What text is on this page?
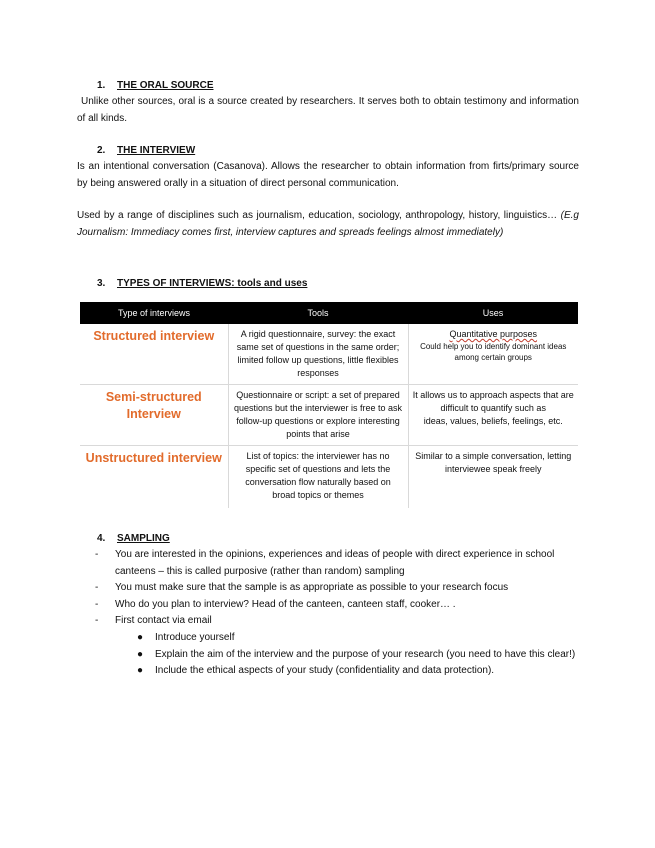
1. THE ORAL SOURCE
Unlike other sources, oral is a source created by researchers. It serves both to obtain testimony and information of all kinds.
2. THE INTERVIEW
Is an intentional conversation (Casanova). Allows the researcher to obtain information from firts/primary source by being answered orally in a situation of direct personal communication.
Used by a range of disciplines such as journalism, education, sociology, anthropology, history, linguistics… (E.g Journalism: Immediacy comes first, interview captures and spreads feelings almost immediately)
3. TYPES OF INTERVIEWS: tools and uses
Type of interviews	Tools	Uses
Structured interview	A rigid questionnaire, survey: the exact same set of questions in the same order; limited follow up questions, little flexibles responses	Quantitative purposes
Could help you to identify dominant ideas among certain groups

Semi-structured Interview	Questionnaire or script: a set of prepared questions but the interviewer is free to ask follow-up questions or explore interesting points that arise	It allows us to approach aspects that are difficult to quantify such as
ideas, values, beliefs, feelings, etc.

Unstructured interview	List of topics: the interviewer has no specific set of questions and lets the conversation flow naturally based on broad topics or themes	Similar to a simple conversation, letting interviewee speak freely
4. SAMPLING
- You are interested in the opinions, experiences and ideas of people with direct experience in school canteens – this is called purposive (rather than random) sampling
- You must make sure that the sample is as appropriate as possible to your research focus
- Who do you plan to interview? Head of the canteen, canteen staff, cooker… .
- First contact via email
● Introduce yourself
● Explain the aim of the interview and the purpose of your research (you need to have this clear!)
● Include the ethical aspects of your study (confidentiality and data protection).
